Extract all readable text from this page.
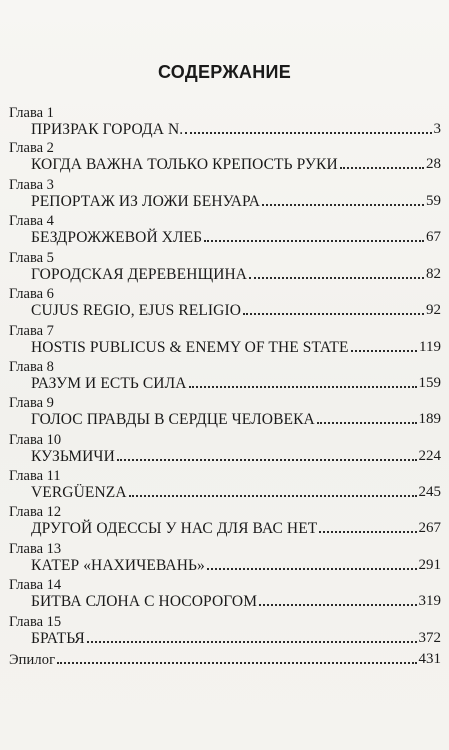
СОДЕРЖАНИЕ
Глава 1
ПРИЗРАК ГОРОДА N.	3
Глава 2
КОГДА ВАЖНА ТОЛЬКО КРЕПОСТЬ РУКИ	28
Глава 3
РЕПОРТАЖ ИЗ ЛОЖИ БЕНУАРА	59
Глава 4
БЕЗДРОЖЖЕВОЙ ХЛЕБ	67
Глава 5
ГОРОДСКАЯ ДЕРЕВЕНЩИНА	82
Глава 6
CUJUS REGIO, EJUS RELIGIO	92
Глава 7
HOSTIS PUBLICUS & ENEMY OF THE STATE	119
Глава 8
РАЗУМ И ЕСТЬ СИЛА	159
Глава 9
ГОЛОС ПРАВДЫ В СЕРДЦЕ ЧЕЛОВЕКА	189
Глава 10
КУЗЬМИЧИ	224
Глава 11
VERGÜENZA	245
Глава 12
ДРУГОЙ ОДЕССЫ У НАС ДЛЯ ВАС НЕТ	267
Глава 13
КАТЕР «НАХИЧЕВАНЬ»	291
Глава 14
БИТВА СЛОНА С НОСОРОГОМ	319
Глава 15
БРАТЬЯ	372
Эпилог	431
